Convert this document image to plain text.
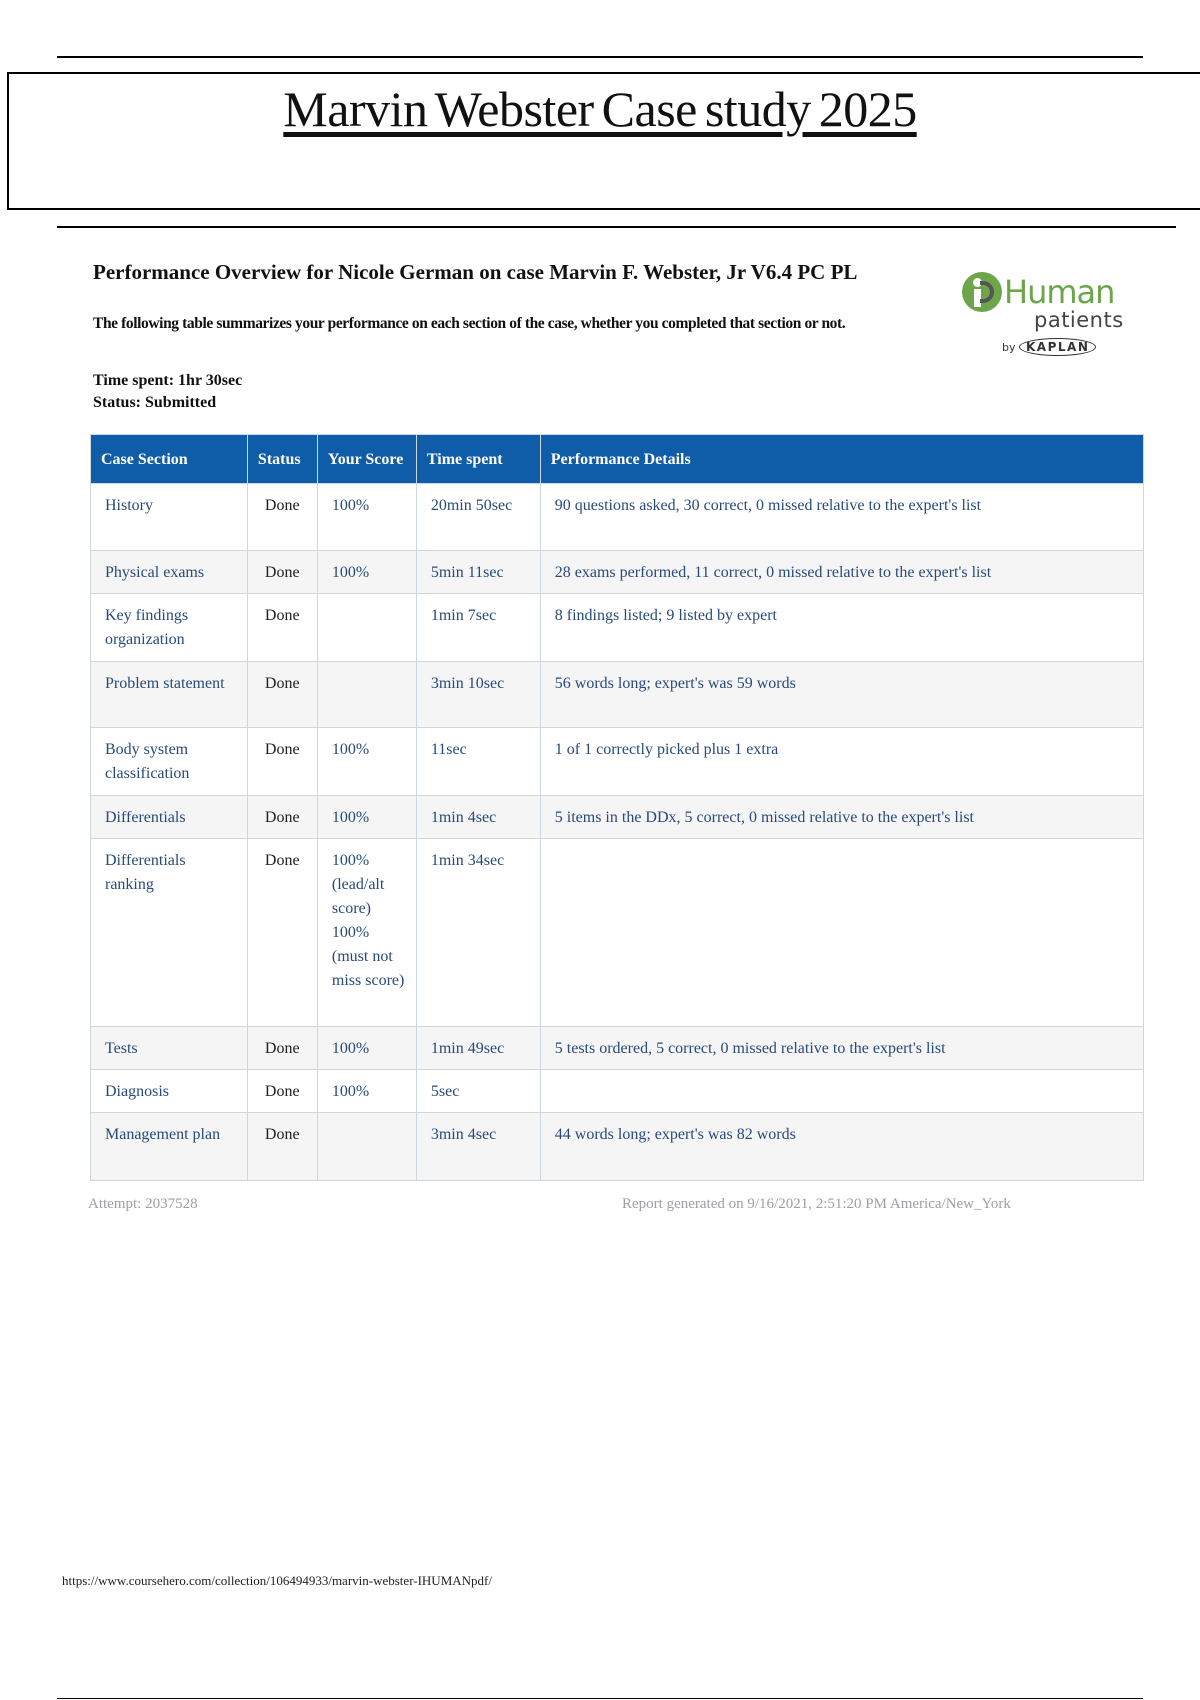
Marvin Webster Case study 2025
Performance Overview for Nicole German on case Marvin F. Webster, Jr V6.4 PC PL
The following table summarizes your performance on each section of the case, whether you completed that section or not.
Time spent: 1hr 30sec
Status: Submitted
Human
patients
by KAPLAN
Case Section	Status	Your Score	Time spent	Performance Details
History	Done	100%	20min 50sec	90 questions asked, 30 correct, 0 missed relative to the expert's list
Physical exams	Done	100%	5min 11sec	28 exams performed, 11 correct, 0 missed relative to the expert's list
Key findings organization	Done		1min 7sec	8 findings listed; 9 listed by expert
Problem statement	Done		3min 10sec	56 words long; expert's was 59 words
Body system classification	Done	100%	11sec	1 of 1 correctly picked plus 1 extra
Differentials	Done	100%	1min 4sec	5 items in the DDx, 5 correct, 0 missed relative to the expert's list
Differentials ranking	Done	100% (lead/alt score) 100% (must not miss score)	1min 34sec	
Tests	Done	100%	1min 49sec	5 tests ordered, 5 correct, 0 missed relative to the expert's list
Diagnosis	Done	100%	5sec	
Management plan	Done		3min 4sec	44 words long; expert's was 82 words
Attempt: 2037528	Report generated on 9/16/2021, 2:51:20 PM America/New_York
https://www.coursehero.com/collection/106494933/marvin-webster-IHUMANpdf/
